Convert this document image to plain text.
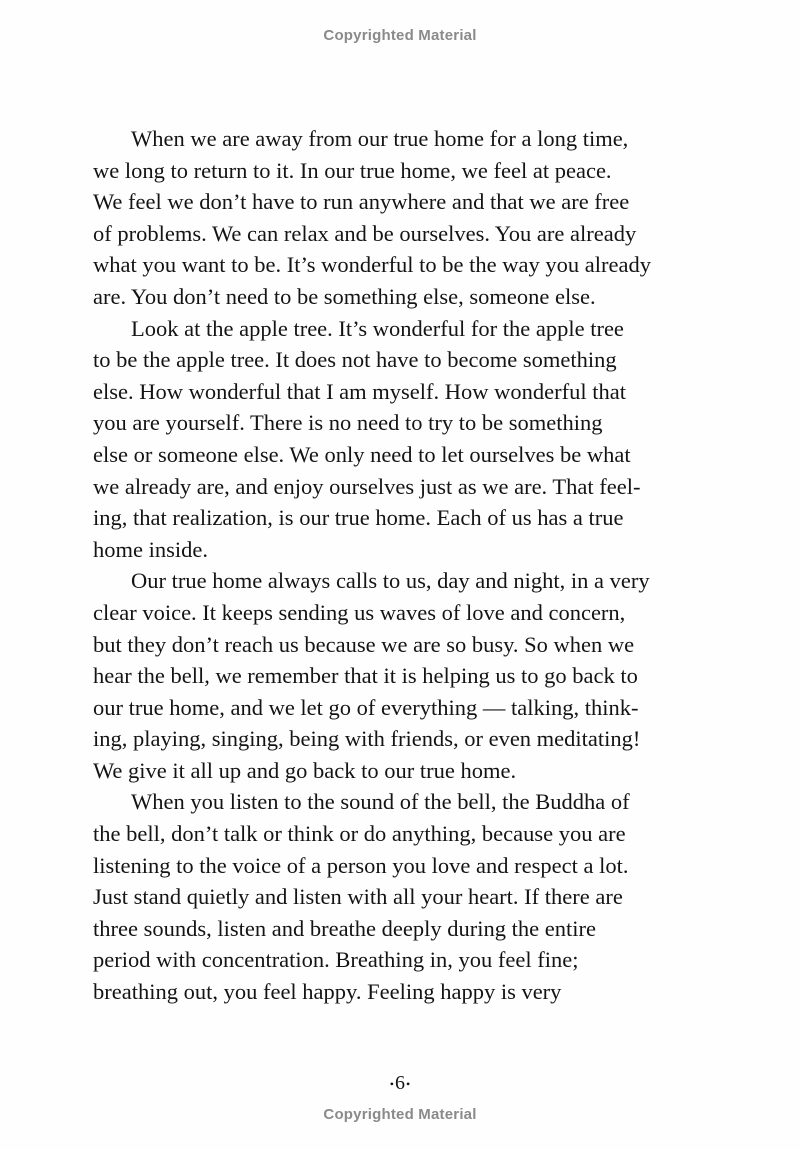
Copyrighted Material
When we are away from our true home for a long time,
we long to return to it. In our true home, we feel at peace.
We feel we don’t have to run anywhere and that we are free
of problems. We can relax and be ourselves. You are already
what you want to be. It’s wonderful to be the way you already
are. You don’t need to be something else, someone else.
Look at the apple tree. It’s wonderful for the apple tree
to be the apple tree. It does not have to become something
else. How wonderful that I am myself. How wonderful that
you are yourself. There is no need to try to be something
else or someone else. We only need to let ourselves be what
we already are, and enjoy ourselves just as we are. That feel-
ing, that realization, is our true home. Each of us has a true
home inside.
Our true home always calls to us, day and night, in a very
clear voice. It keeps sending us waves of love and concern,
but they don’t reach us because we are so busy. So when we
hear the bell, we remember that it is helping us to go back to
our true home, and we let go of everything — talking, think-
ing, playing, singing, being with friends, or even meditating!
We give it all up and go back to our true home.
When you listen to the sound of the bell, the Buddha of
the bell, don’t talk or think or do anything, because you are
listening to the voice of a person you love and respect a lot.
Just stand quietly and listen with all your heart. If there are
three sounds, listen and breathe deeply during the entire
period with concentration. Breathing in, you feel fine;
breathing out, you feel happy. Feeling happy is very
•6•
Copyrighted Material
